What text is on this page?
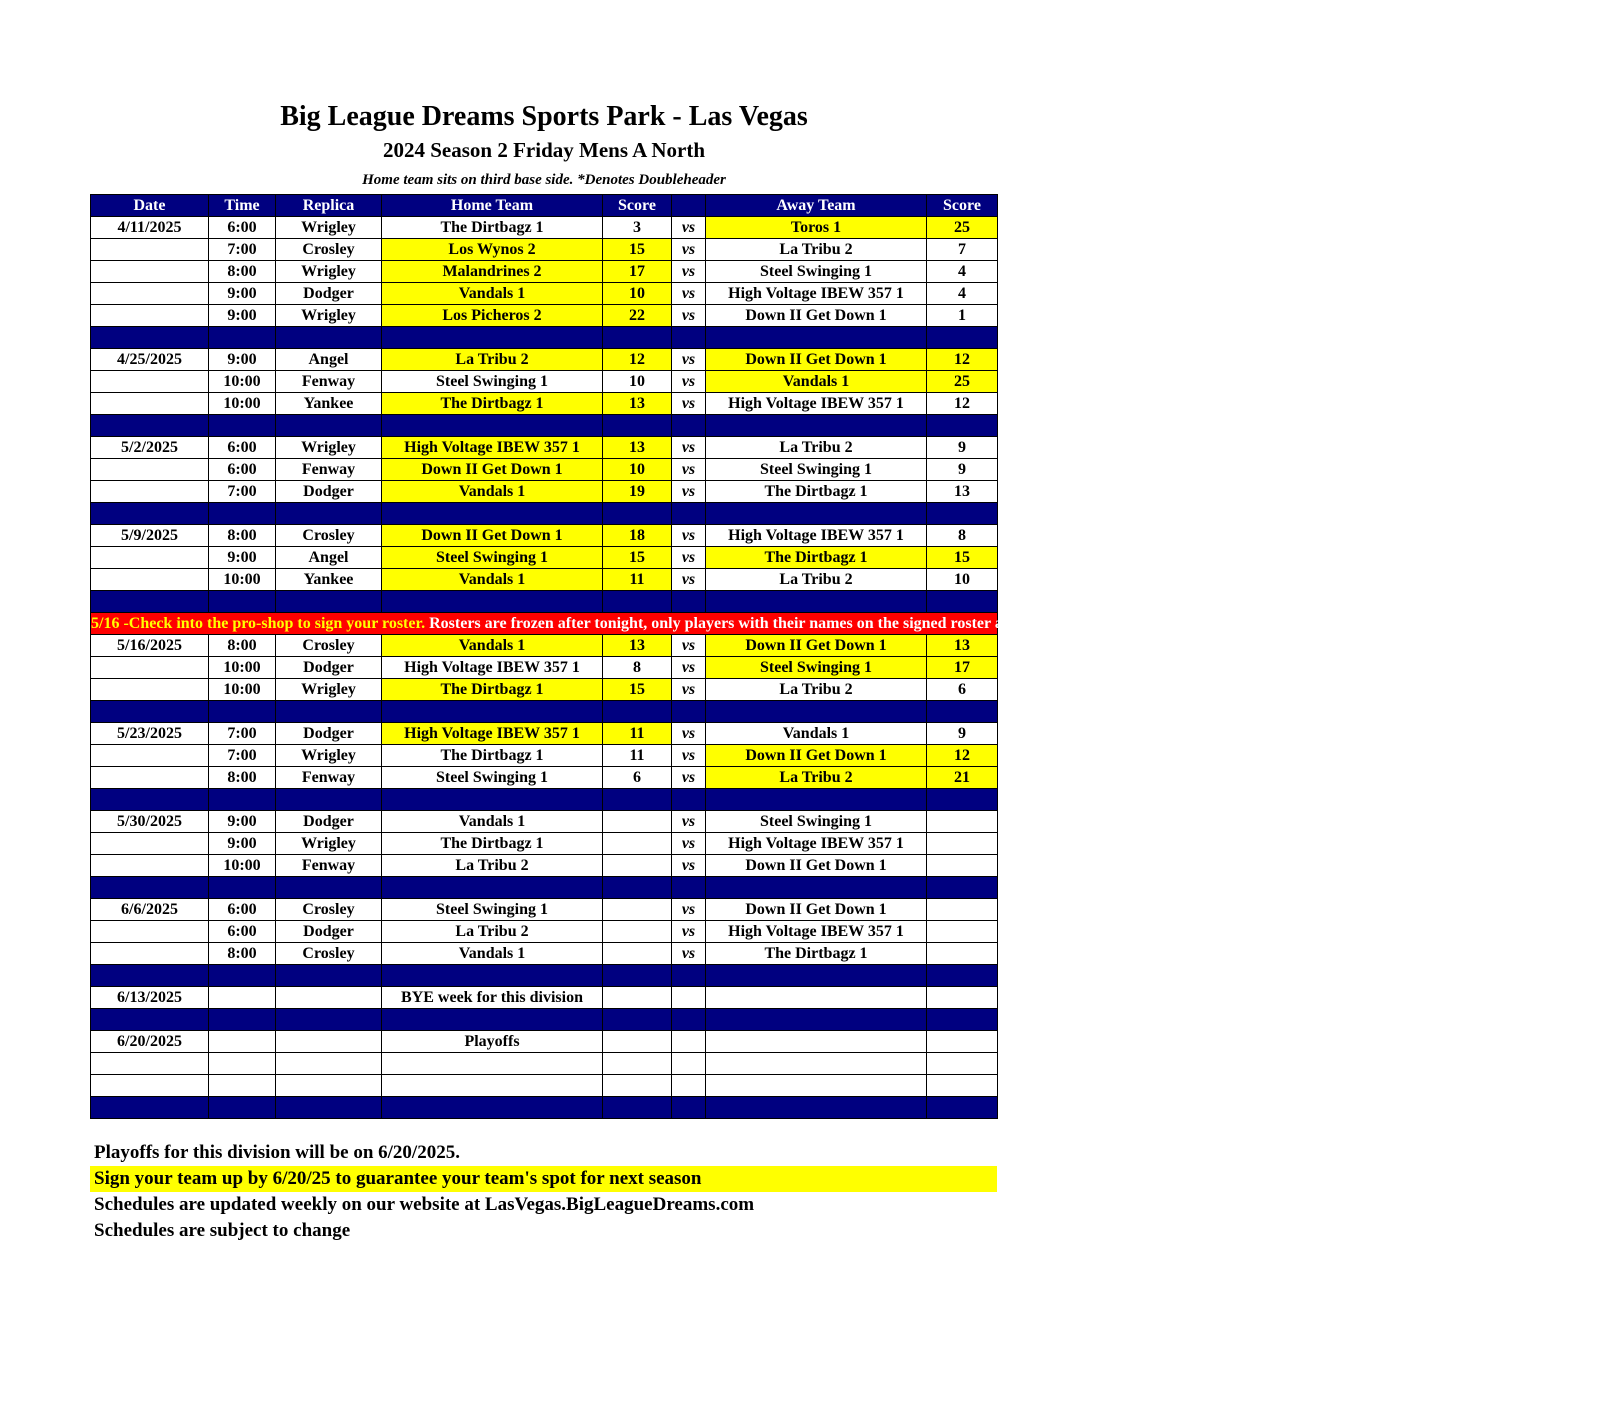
Big League Dreams Sports Park - Las Vegas
2024 Season 2 Friday Mens A North
Home team sits on third base side. *Denotes Doubleheader
Date	Time	Replica	Home Team	Score		Away Team	Score
4/11/2025	6:00	Wrigley	The Dirtbagz 1	3	vs	Toros 1	25
	7:00	Crosley	Los Wynos 2	15	vs	La Tribu 2	7
	8:00	Wrigley	Malandrines 2	17	vs	Steel Swinging 1	4
	9:00	Dodger	Vandals 1	10	vs	High Voltage IBEW 357 1	4
	9:00	Wrigley	Los Picheros 2	22	vs	Down II Get Down 1	1

4/25/2025	9:00	Angel	La Tribu 2	12	vs	Down II Get Down 1	12
	10:00	Fenway	Steel Swinging 1	10	vs	Vandals 1	25
	10:00	Yankee	The Dirtbagz 1	13	vs	High Voltage IBEW 357 1	12

5/2/2025	6:00	Wrigley	High Voltage IBEW 357 1	13	vs	La Tribu 2	9
	6:00	Fenway	Down II Get Down 1	10	vs	Steel Swinging 1	9
	7:00	Dodger	Vandals 1	19	vs	The Dirtbagz 1	13

5/9/2025	8:00	Crosley	Down II Get Down 1	18	vs	High Voltage IBEW 357 1	8
	9:00	Angel	Steel Swinging 1	15	vs	The Dirtbagz 1	15
	10:00	Yankee	Vandals 1	11	vs	La Tribu 2	10

5/16 -Check into the pro-shop to sign your roster. Rosters are frozen after tonight, only players with their names on the signed roster are eligible for playoffs. Please check carefully as changes will not be made for omissions.							
5/16/2025	8:00	Crosley	Vandals 1	13	vs	Down II Get Down 1	13
	10:00	Dodger	High Voltage IBEW 357 1	8	vs	Steel Swinging 1	17
	10:00	Wrigley	The Dirtbagz 1	15	vs	La Tribu 2	6

5/23/2025	7:00	Dodger	High Voltage IBEW 357 1	11	vs	Vandals 1	9
	7:00	Wrigley	The Dirtbagz 1	11	vs	Down II Get Down 1	12
	8:00	Fenway	Steel Swinging 1	6	vs	La Tribu 2	21

5/30/2025	9:00	Dodger	Vandals 1		vs	Steel Swinging 1	
	9:00	Wrigley	The Dirtbagz 1		vs	High Voltage IBEW 357 1	
	10:00	Fenway	La Tribu 2		vs	Down II Get Down 1	

6/6/2025	6:00	Crosley	Steel Swinging 1		vs	Down II Get Down 1	
	6:00	Dodger	La Tribu 2		vs	High Voltage IBEW 357 1	
	8:00	Crosley	Vandals 1		vs	The Dirtbagz 1	

6/13/2025			BYE week for this division				

6/20/2025			Playoffs				

Playoffs for this division will be on 6/20/2025.
Sign your team up by 6/20/25 to guarantee your team's spot for next season
Schedules are updated weekly on our website at LasVegas.BigLeagueDreams.com
Schedules are subject to change
